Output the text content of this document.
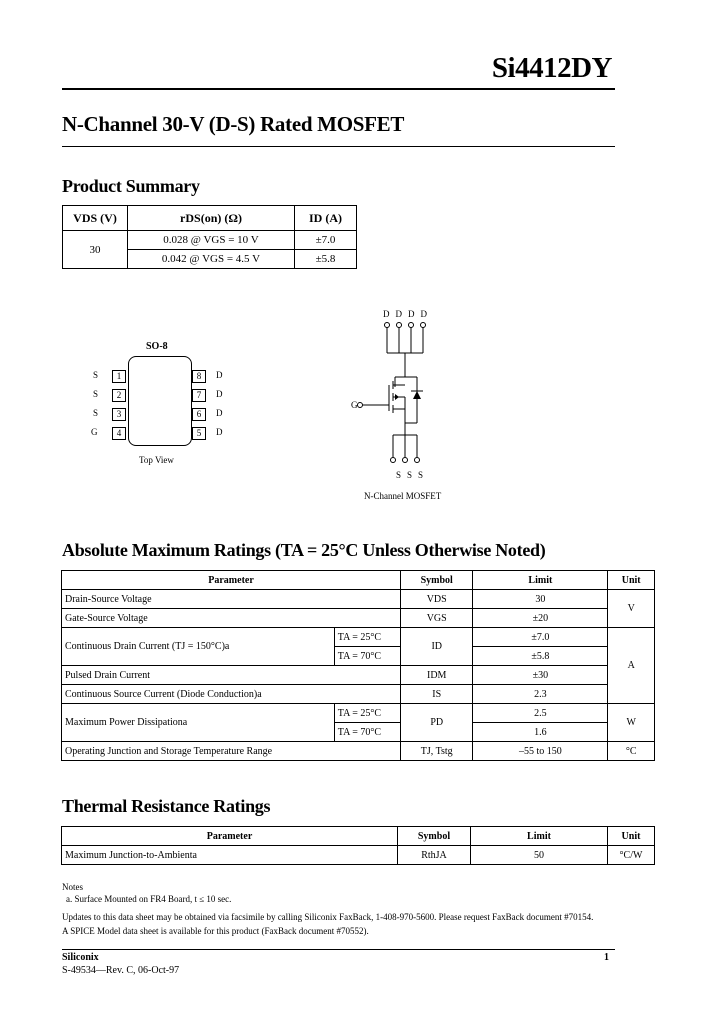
Si4412DY
N-Channel 30-V (D-S) Rated MOSFET
Product Summary
VDS (V)	rDS(on) (Ω)	ID (A)
30	0.028 @ VGS = 10 V	±7.0
	0.042 @ VGS = 4.5 V	±5.8
SO-8
S
S
S
G
1
2
3
4
8
7
6
5
D
D
D
D
Top View
DDDD
G
SSS
N-Channel MOSFET
Absolute Maximum Ratings (TA = 25°C Unless Otherwise Noted)
Parameter		Symbol	Limit	Unit
Drain-Source Voltage		VDS	30	V
Gate-Source Voltage		VGS	±20	
Continuous Drain Current (TJ = 150°C)a	TA = 25°C	ID	±7.0	A
	TA = 70°C		±5.8	
Pulsed Drain Current		IDM	±30	
Continuous Source Current (Diode Conduction)a		IS	2.3	
Maximum Power Dissipationa	TA = 25°C	PD	2.5	W
	TA = 70°C		1.6	
Operating Junction and Storage Temperature Range		TJ, Tstg	–55 to 150	°C
Thermal Resistance Ratings
Parameter	Symbol	Limit	Unit
Maximum Junction-to-Ambienta	RthJA	50	°C/W
Notes
a. Surface Mounted on FR4 Board, t ≤ 10 sec.
Updates to this data sheet may be obtained via facsimile by calling Siliconix FaxBack, 1-408-970-5600. Please request FaxBack document #70154.
A SPICE Model data sheet is available for this product (FaxBack document #70552).
Siliconix
S-49534—Rev. C, 06-Oct-97
1
